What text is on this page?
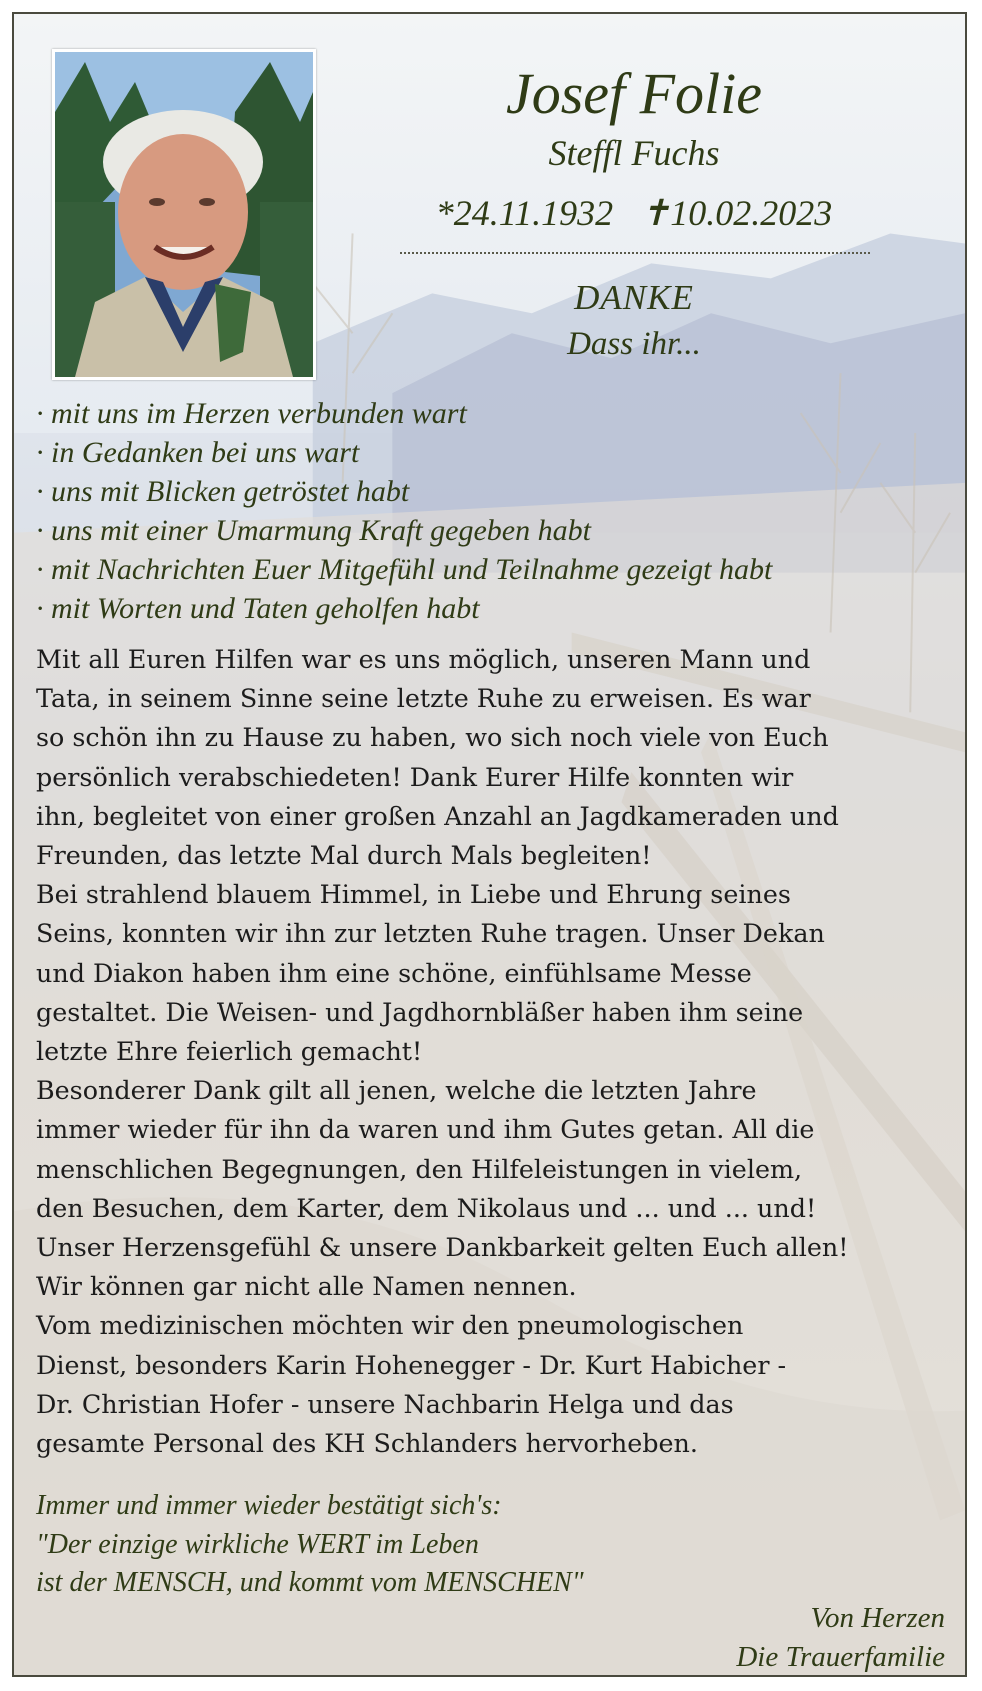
Josef Folie
Steffl Fuchs
*24.11.1932 ✝10.02.2023
DANKE
Dass ihr...
· mit uns im Herzen verbunden wart
· in Gedanken bei uns wart
· uns mit Blicken getröstet habt
· uns mit einer Umarmung Kraft gegeben habt
· mit Nachrichten Euer Mitgefühl und Teilnahme gezeigt habt
· mit Worten und Taten geholfen habt

Mit all Euren Hilfen war es uns möglich, unseren Mann und

Tata, in seinem Sinne seine letzte Ruhe zu erweisen. Es war

so schön ihn zu Hause zu haben, wo sich noch viele von Euch

persönlich verabschiedeten! Dank Eurer Hilfe konnten wir

ihn, begleitet von einer großen Anzahl an Jagdkameraden und

Freunden, das letzte Mal durch Mals begleiten!

Bei strahlend blauem Himmel, in Liebe und Ehrung seines

Seins, konnten wir ihn zur letzten Ruhe tragen. Unser Dekan

und Diakon haben ihm eine schöne, einfühlsame Messe

gestaltet. Die Weisen- und Jagdhornbläßer haben ihm seine

letzte Ehre feierlich gemacht!

Besonderer Dank gilt all jenen, welche die letzten Jahre

immer wieder für ihn da waren und ihm Gutes getan. All die

menschlichen Begegnungen, den Hilfeleistungen in vielem,

den Besuchen, dem Karter, dem Nikolaus und ... und ... und!

Unser Herzensgefühl & unsere Dankbarkeit gelten Euch allen!

Wir können gar nicht alle Namen nennen.

Vom medizinischen möchten wir den pneumologischen

Dienst, besonders Karin Hohenegger - Dr. Kurt Habicher -

Dr. Christian Hofer - unsere Nachbarin Helga und das

gesamte Personal des KH Schlanders hervorheben.

Immer und immer wieder bestätigt sich's:

"Der einzige wirkliche WERT im Leben

ist der MENSCH, und kommt vom MENSCHEN"

Von Herzen

Die Trauerfamilie
